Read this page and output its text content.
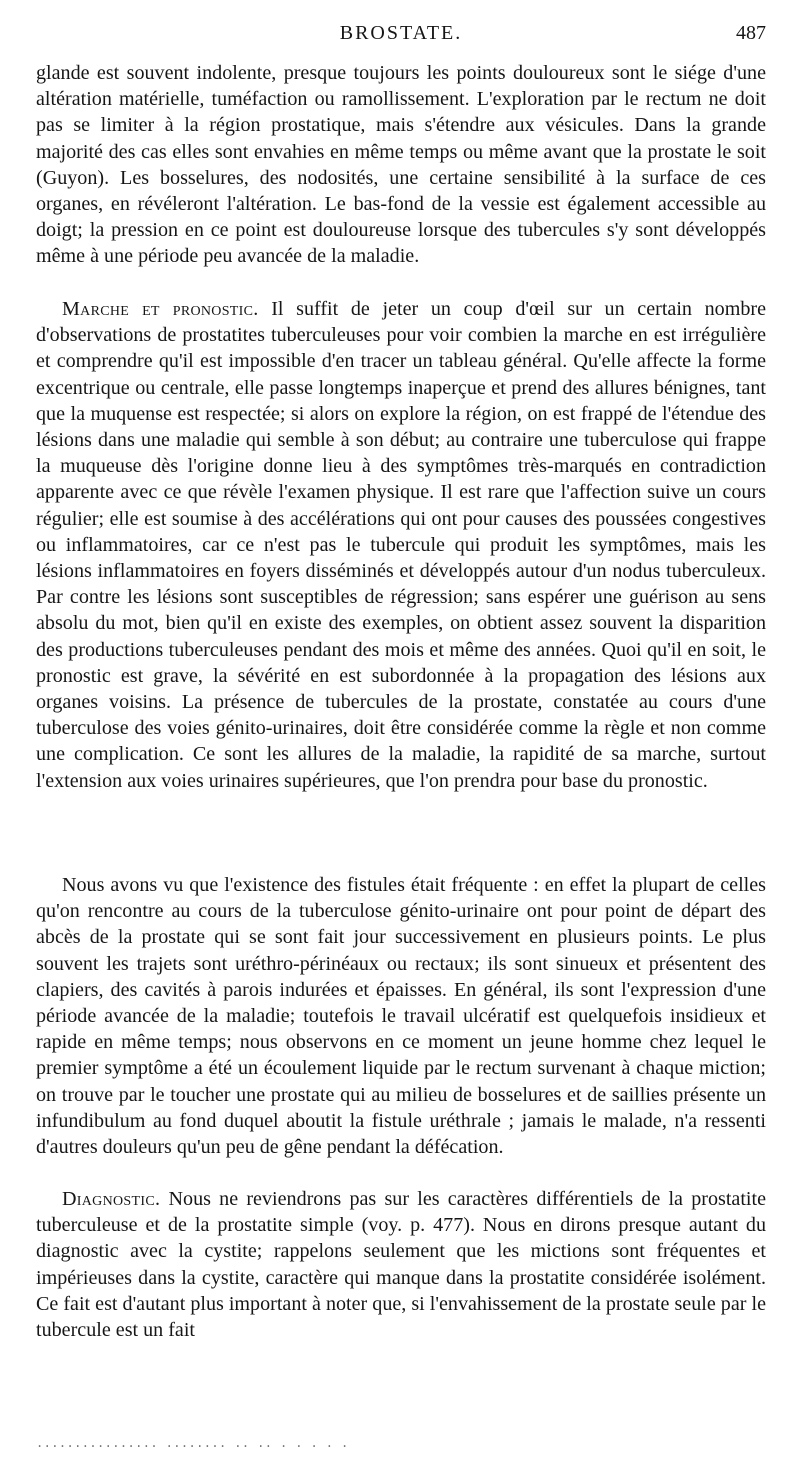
BROSTATE.	487

glande est souvent indolente, presque toujours les points douloureux sont le siége d'une altération matérielle, tuméfaction ou ramollissement. L'exploration par le rectum ne doit pas se limiter à la région prostatique, mais s'étendre aux vésicules. Dans la grande majorité des cas elles sont envahies en même temps ou même avant que la prostate le soit (Guyon). Les bosselures, des nodosités, une certaine sensibilité à la surface de ces organes, en révéleront l'altération. Le bas-fond de la vessie est également accessible au doigt; la pression en ce point est douloureuse lorsque des tubercules s'y sont développés même à une période peu avancée de la maladie.

Marche et pronostic. Il suffit de jeter un coup d'œil sur un certain nombre d'observations de prostatites tuberculeuses pour voir combien la marche en est irrégulière et comprendre qu'il est impossible d'en tracer un tableau général. Qu'elle affecte la forme excentrique ou centrale, elle passe longtemps inaperçue et prend des allures bénignes, tant que la muquense est respectée; si alors on explore la région, on est frappé de l'étendue des lésions dans une maladie qui semble à son début; au contraire une tuberculose qui frappe la muqueuse dès l'origine donne lieu à des symptômes très-marqués en contradiction apparente avec ce que révèle l'examen physique. Il est rare que l'affection suive un cours régulier; elle est soumise à des accélérations qui ont pour causes des poussées congestives ou inflammatoires, car ce n'est pas le tubercule qui produit les symptômes, mais les lésions inflammatoires en foyers disséminés et développés autour d'un nodus tuberculeux. Par contre les lésions sont susceptibles de régression; sans espérer une guérison au sens absolu du mot, bien qu'il en existe des exemples, on obtient assez souvent la disparition des productions tuberculeuses pendant des mois et même des années. Quoi qu'il en soit, le pronostic est grave, la sévérité en est subordonnée à la propagation des lésions aux organes voisins. La présence de tubercules de la prostate, constatée au cours d'une tuberculose des voies génito-urinaires, doit être considérée comme la règle et non comme une complication. Ce sont les allures de la maladie, la rapidité de sa marche, surtout l'extension aux voies urinaires supérieures, que l'on prendra pour base du pronostic.

Nous avons vu que l'existence des fistules était fréquente : en effet la plupart de celles qu'on rencontre au cours de la tuberculose génito-urinaire ont pour point de départ des abcès de la prostate qui se sont fait jour successivement en plusieurs points. Le plus souvent les trajets sont uréthro-périnéaux ou rectaux; ils sont sinueux et présentent des clapiers, des cavités à parois indurées et épaisses. En général, ils sont l'expression d'une période avancée de la maladie; toutefois le travail ulcératif est quelquefois insidieux et rapide en même temps; nous observons en ce moment un jeune homme chez lequel le premier symptôme a été un écoulement liquide par le rectum survenant à chaque miction; on trouve par le toucher une prostate qui au milieu de bosselures et de saillies présente un infundibulum au fond duquel aboutit la fistule uréthrale ; jamais le malade, n'a ressenti d'autres douleurs qu'un peu de gêne pendant la défécation.

Diagnostic. Nous ne reviendrons pas sur les caractères différentiels de la prostatite tuberculeuse et de la prostatite simple (voy. p. 477). Nous en dirons presque autant du diagnostic avec la cystite; rappelons seulement que les mictions sont fréquentes et impérieuses dans la cystite, caractère qui manque dans la prostatite considérée isolément. Ce fait est d'autant plus important à noter que, si l'envahissement de la prostate seule par le tubercule est un fait

................ ........ .. .. . . . . .
